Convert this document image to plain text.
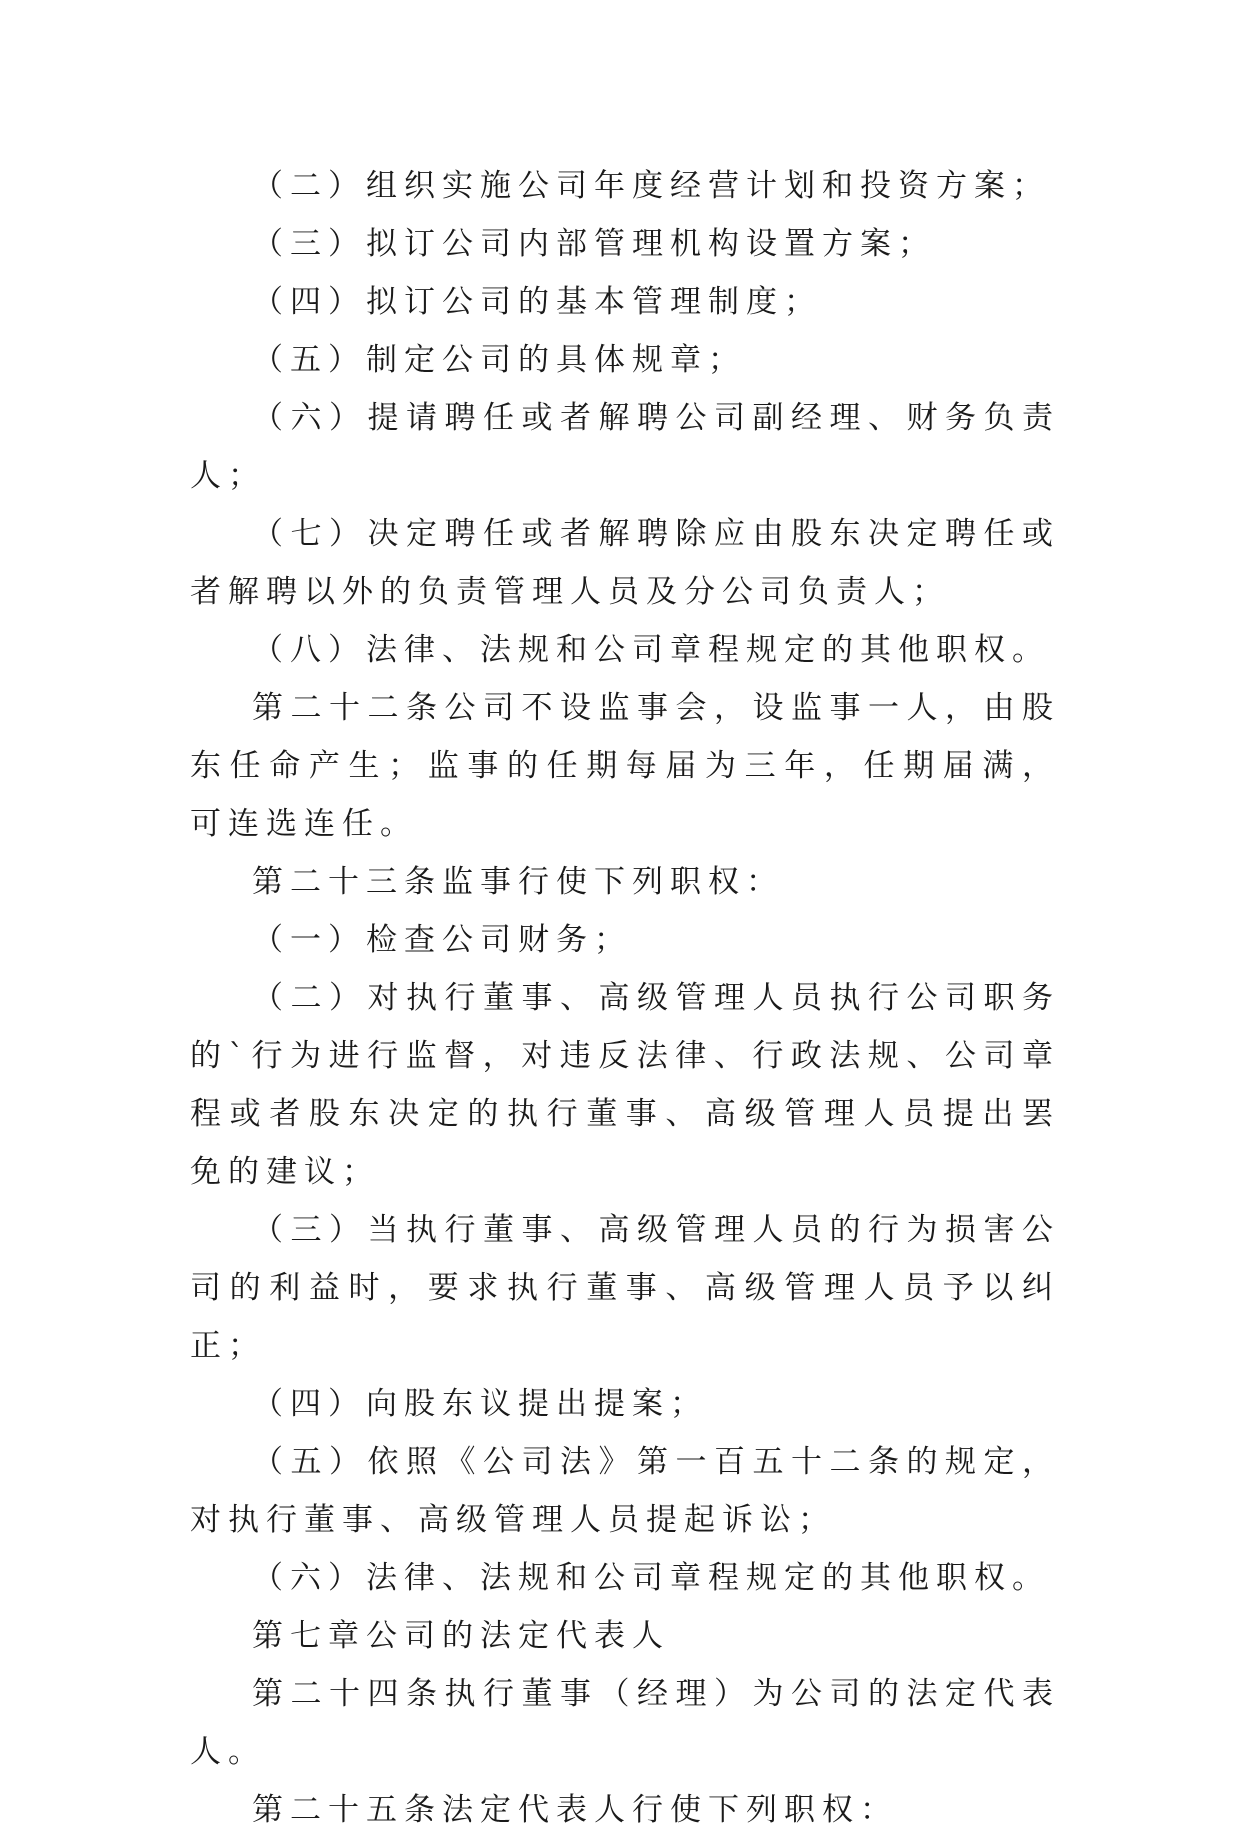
（二）组织实施公司年度经营计划和投资方案；

（三）拟订公司内部管理机构设置方案；

（四）拟订公司的基本管理制度；

（五）制定公司的具体规章；

（六）提请聘任或者解聘公司副经理、财务负责人；

（七）决定聘任或者解聘除应由股东决定聘任或者解聘以外的负责管理人员及分公司负责人；

（八）法律、法规和公司章程规定的其他职权。

第二十二条公司不设监事会，设监事一人，由股东任命产生；监事的任期每届为三年，任期届满，可连选连任。

第二十三条监事行使下列职权：

（一）检查公司财务；

（二）对执行董事、高级管理人员执行公司职务的`行为进行监督，对违反法律、行政法规、公司章程或者股东决定的执行董事、高级管理人员提出罢免的建议；

（三）当执行董事、高级管理人员的行为损害公司的利益时，要求执行董事、高级管理人员予以纠正；

（四）向股东议提出提案；

（五）依照《公司法》第一百五十二条的规定，对执行董事、高级管理人员提起诉讼；

（六）法律、法规和公司章程规定的其他职权。

第七章公司的法定代表人

第二十四条执行董事（经理）为公司的法定代表人。

第二十五条法定代表人行使下列职权：
